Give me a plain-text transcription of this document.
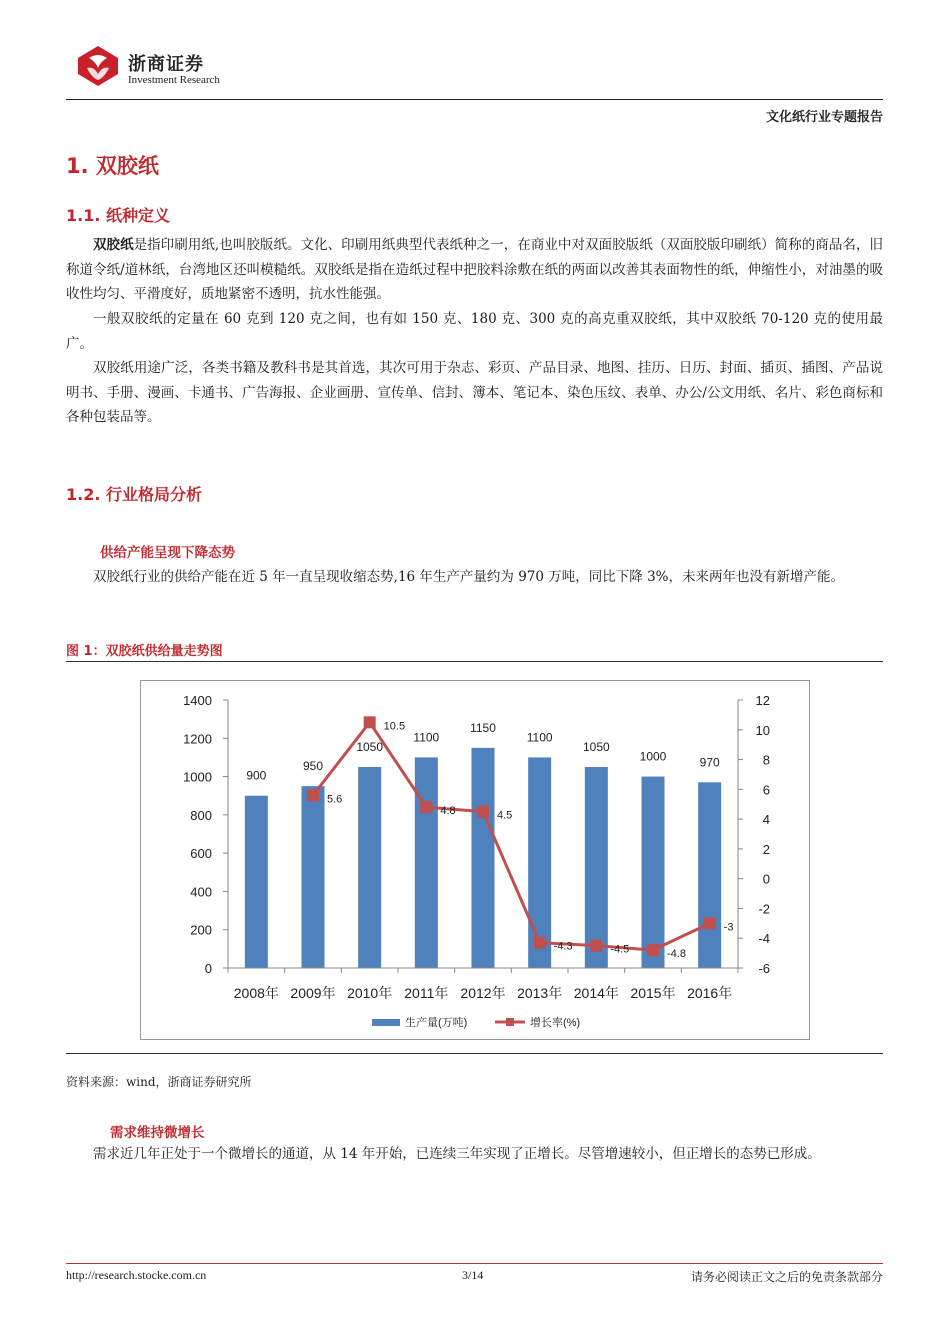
浙商证券
Investment Research
文化纸行业专题报告
1. 双胶纸
1.1. 纸种定义

双胶纸是指印刷用纸,也叫胶版纸。文化、印刷用纸典型代表纸种之一，在商业中对双面胶版纸（双面胶版印刷纸）简称的商品名，旧称道令纸/道林纸，台湾地区还叫模糙纸。双胶纸是指在造纸过程中把胶料涂敷在纸的两面以改善其表面物性的纸，伸缩性小，对油墨的吸收性均匀、平滑度好，质地紧密不透明，抗水性能强。

一般双胶纸的定量在 60 克到 120 克之间，也有如 150 克、180 克、300 克的高克重双胶纸，其中双胶纸 70-120 克的使用最广。

双胶纸用途广泛，各类书籍及教科书是其首选，其次可用于杂志、彩页、产品目录、地图、挂历、日历、封面、插页、插图、产品说明书、手册、漫画、卡通书、广告海报、企业画册、宣传单、信封、簿本、笔记本、染色压纹、表单、办公/公文用纸、名片、彩色商标和各种包装品等。

1.2. 行业格局分析
供给产能呈现下降态势

双胶纸行业的供给产能在近 5 年一直呈现收缩态势,16 年生产产量约为 970 万吨，同比下降 3%，未来两年也没有新增产能。

图 1：双胶纸供给量走势图
0
200
400
600
800
1000
1200
1400
-6
-4
-2
0
2
4
6
8
10
12
2008年 2009年 2010年 2011年 2012年 2013年 2014年 2015年 2016年
900
950
1050
1100
1150
1100
1050
1000	970
5.6
10.5
4.8	4.5
-4.3	-4.5	-4.8
-3
生产量(万吨)	增长率(%)
资料来源：wind，浙商证券研究所
需求维持微增长

需求近几年正处于一个微增长的通道，从 14 年开始，已连续三年实现了正增长。尽管增速较小，但正增长的态势已形成。

http://research.stocke.com.cn	3/14	请务必阅读正文之后的免责条款部分
